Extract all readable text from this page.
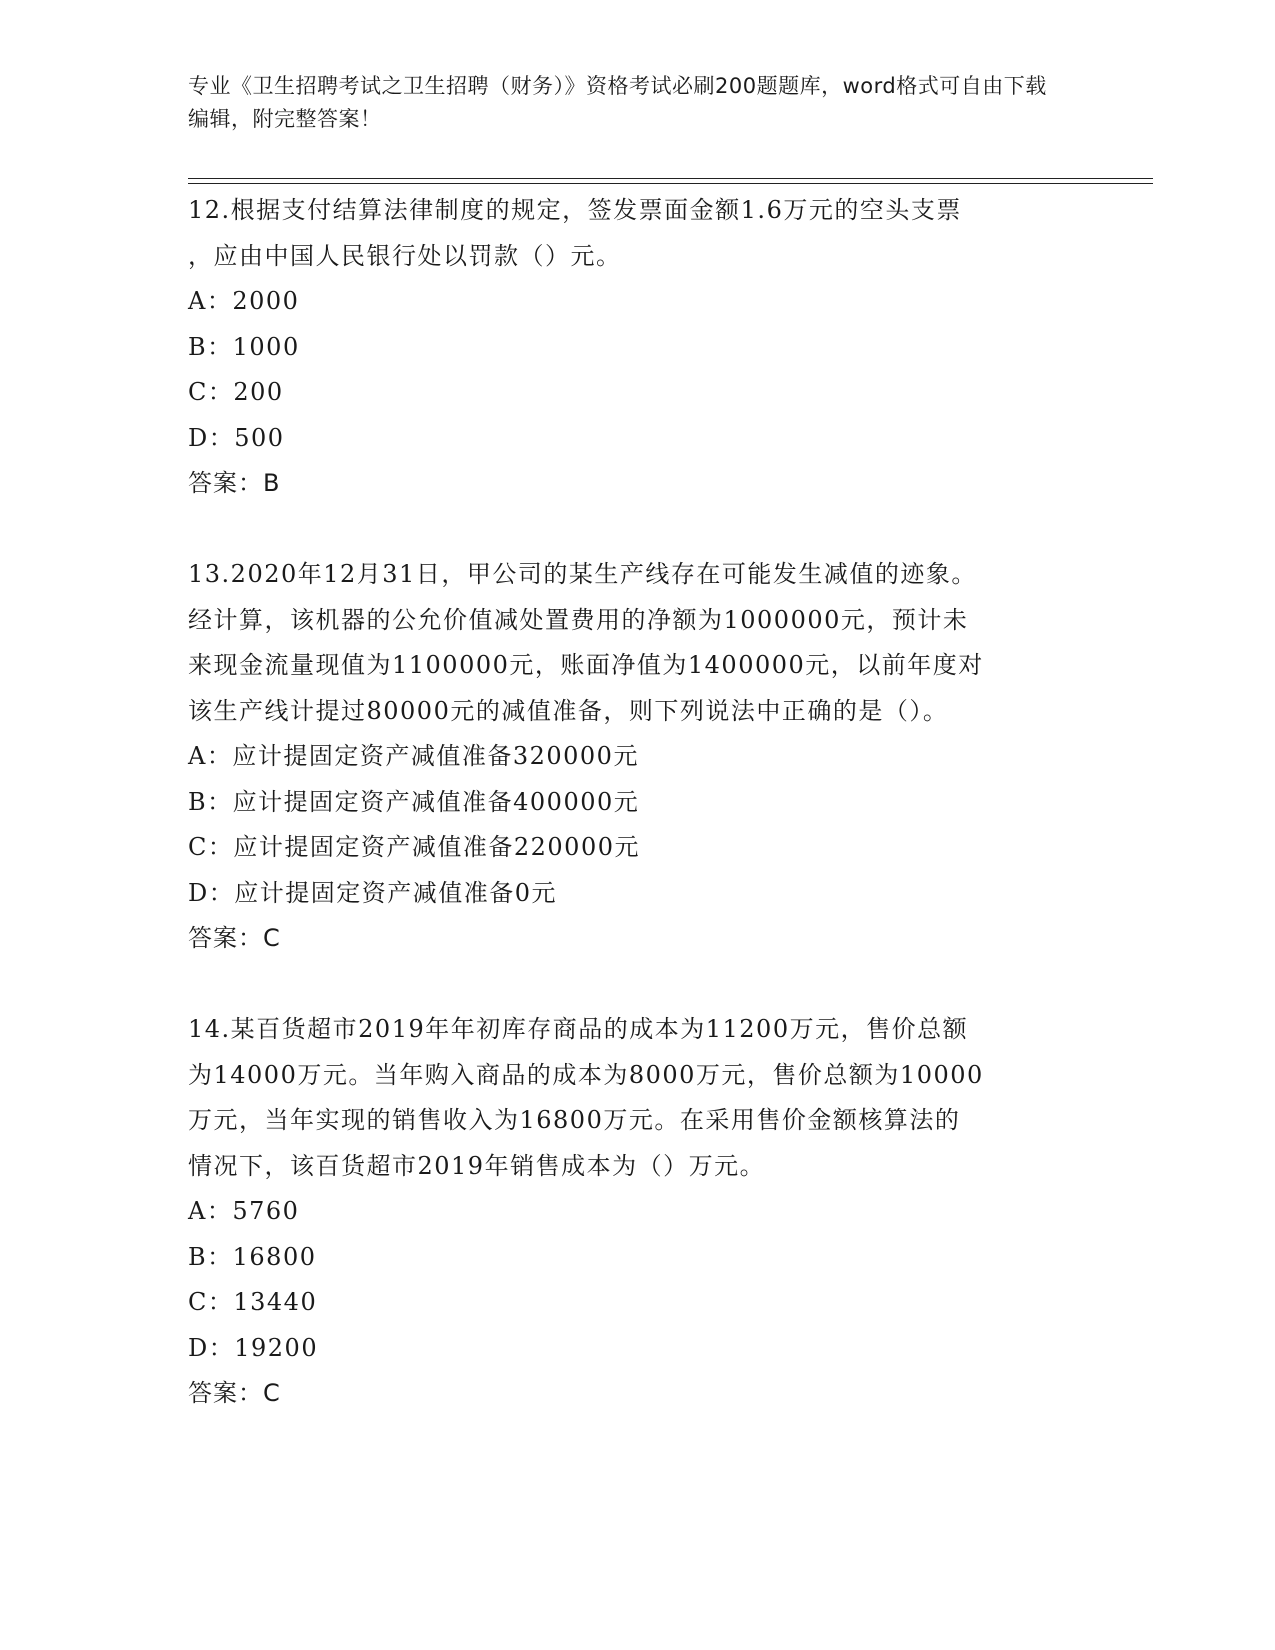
专业《卫生招聘考试之卫生招聘（财务）》资格考试必刷200题题库，word格式可自由下载编辑，附完整答案！

12.根据支付结算法律制度的规定，签发票面金额1.6万元的空头支票
，应由中国人民银行处以罚款（）元。

A：2000

B：1000

C：200

D：500

答案：B

13.2020年12月31日，甲公司的某生产线存在可能发生减值的迹象。
经计算，该机器的公允价值减处置费用的净额为1000000元，预计未
来现金流量现值为1100000元，账面净值为1400000元，以前年度对
该生产线计提过80000元的减值准备，则下列说法中正确的是（）。

A：应计提固定资产减值准备320000元

B：应计提固定资产减值准备400000元

C：应计提固定资产减值准备220000元

D：应计提固定资产减值准备0元

答案：C

14.某百货超市2019年年初库存商品的成本为11200万元，售价总额
为14000万元。当年购入商品的成本为8000万元，售价总额为10000
万元，当年实现的销售收入为16800万元。在采用售价金额核算法的
情况下，该百货超市2019年销售成本为（）万元。

A：5760

B：16800

C：13440

D：19200

答案：C
